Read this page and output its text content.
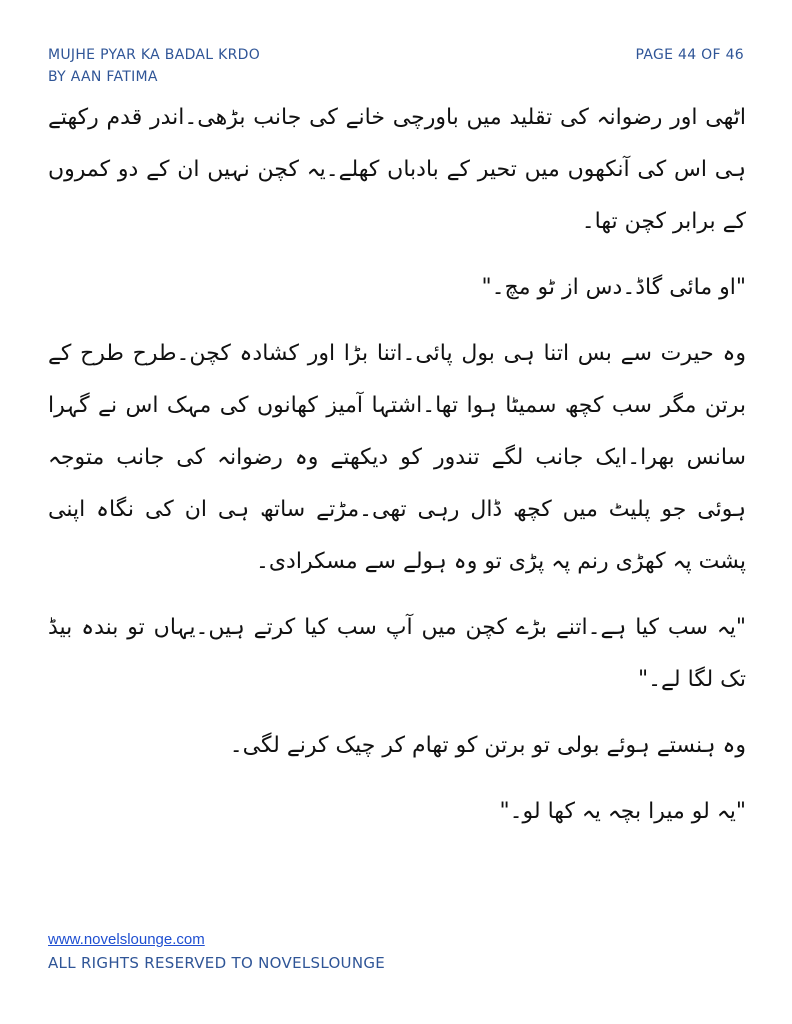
MUJHE PYAR KA BADAL KRDO
BY AAN FATIMA
PAGE 44 OF 46

اٹھی اور رضوانہ کی تقلید میں باورچی خانے کی جانب بڑھی۔اندر قدم رکھتے ہی اس کی آنکھوں میں تحیر کے بادباں کھلے۔یہ کچن نہیں ان کے دو کمروں کے برابر کچن تھا۔

"او مائی گاڈ۔دس از ٹو مچ۔"

وہ حیرت سے بس اتنا ہی بول پائی۔اتنا بڑا اور کشادہ کچن۔طرح طرح کے برتن مگر سب کچھ سمیٹا ہوا تھا۔اشتہا آمیز کھانوں کی مہک اس نے گہرا سانس بھرا۔ایک جانب لگے تندور کو دیکھتے وہ رضوانہ کی جانب متوجہ ہوئی جو پلیٹ میں کچھ ڈال رہی تھی۔مڑتے ساتھ ہی ان کی نگاہ اپنی پشت پہ کھڑی رنم پہ پڑی تو وہ ہولے سے مسکرادی۔

"یہ سب کیا ہے۔اتنے بڑے کچن میں آپ سب کیا کرتے ہیں۔یہاں تو بندہ بیڈ تک لگا لے۔"

وہ ہنستے ہوئے بولی تو برتن کو تھام کر چیک کرنے لگی۔

"یہ لو میرا بچہ یہ کھا لو۔"

www.novelslounge.com
ALL RIGHTS RESERVED TO NOVELSLOUNGE
